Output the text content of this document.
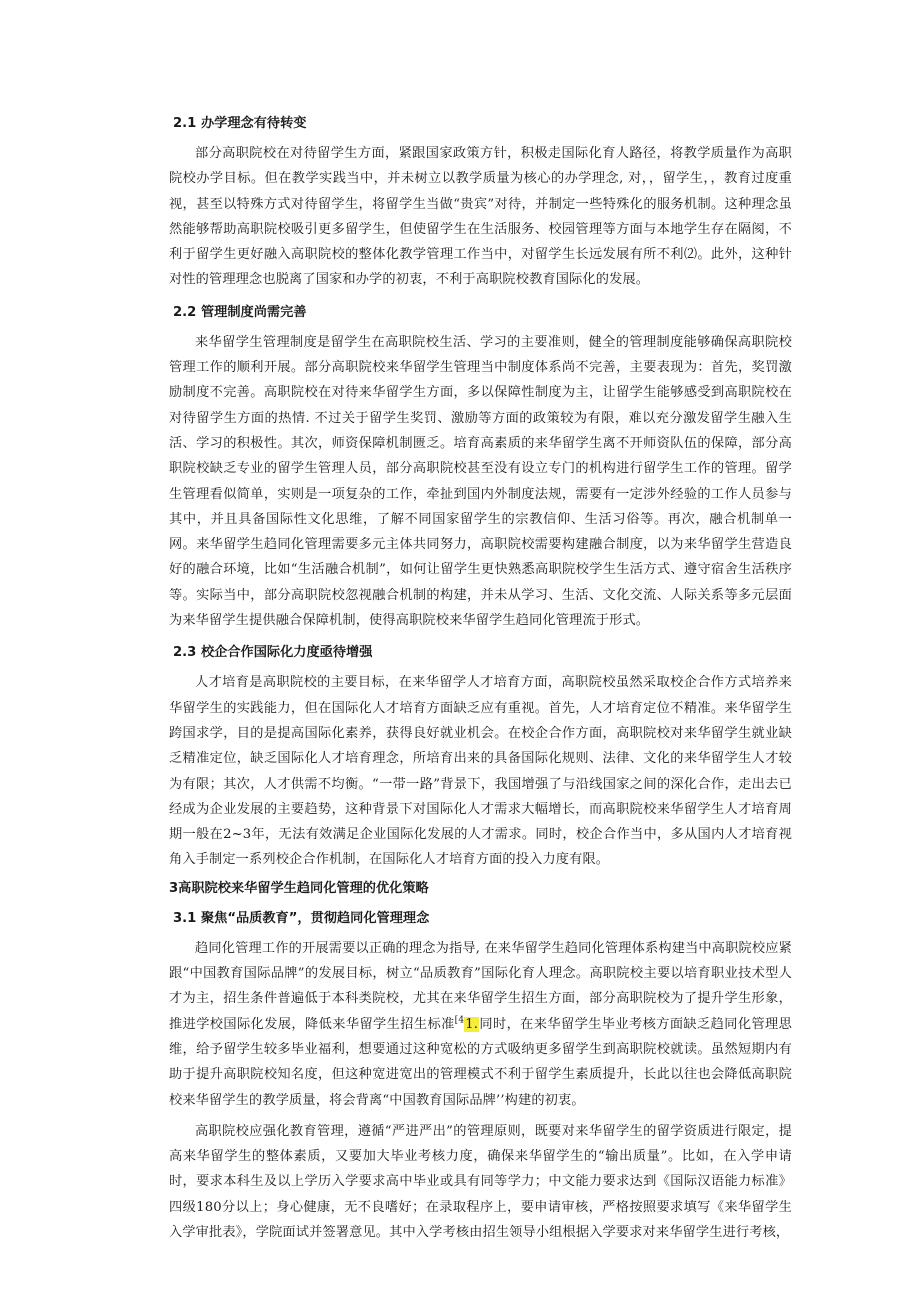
2.1 办学理念有待转变

部分高职院校在对待留学生方面，紧跟国家政策方针，积极走国际化育人路径，将教学质量作为高职院校办学目标。但在教学实践当中，并未树立以教学质量为核心的办学理念, 对，，留学生，，教育过度重视，甚至以特殊方式对待留学生，将留学生当做“贵宾”对待，并制定一些特殊化的服务机制。这种理念虽然能够帮助高职院校吸引更多留学生，但使留学生在生活服务、校园管理等方面与本地学生存在隔阂，不利于留学生更好融入高职院校的整体化教学管理工作当中，对留学生长远发展有所不利⑵。此外，这种针对性的管理理念也脱离了国家和办学的初衷，不利于高职院校教育国际化的发展。

2.2 管理制度尚需完善

来华留学生管理制度是留学生在高职院校生活、学习的主要准则，健全的管理制度能够确保高职院校管理工作的顺利开展。部分高职院校来华留学生管理当中制度体系尚不完善，主要表现为：首先，奖罚激励制度不完善。高职院校在对待来华留学生方面，多以保障性制度为主，让留学生能够感受到高职院校在对待留学生方面的热情. 不过关于留学生奖罚、激励等方面的政策较为有限，难以充分激发留学生融入生活、学习的积极性。其次，师资保障机制匮乏。培育高素质的来华留学生离不开师资队伍的保障，部分高职院校缺乏专业的留学生管理人员，部分高职院校甚至没有设立专门的机构进行留学生工作的管理。留学生管理看似简单，实则是一项复杂的工作，牵扯到国内外制度法规，需要有一定涉外经验的工作人员参与其中，并且具备国际性文化思维，了解不同国家留学生的宗教信仰、生活习俗等。再次，融合机制单一网。来华留学生趋同化管理需要多元主体共同努力，高职院校需要构建融合制度，以为来华留学生营造良好的融合环境，比如“生活融合机制”，如何让留学生更快熟悉高职院校学生生活方式、遵守宿舍生活秩序等。实际当中，部分高职院校忽视融合机制的构建，并未从学习、生活、文化交流、人际关系等多元层面为来华留学生提供融合保障机制，使得高职院校来华留学生趋同化管理流于形式。

2.3 校企合作国际化力度亟待增强

人才培育是高职院校的主要目标，在来华留学人才培育方面，高职院校虽然采取校企合作方式培养来华留学生的实践能力，但在国际化人才培育方面缺乏应有重视。首先，人才培育定位不精准。来华留学生跨国求学，目的是提高国际化素养，获得良好就业机会。在校企合作方面，高职院校对来华留学生就业缺乏精准定位，缺乏国际化人才培育理念，所培育出来的具备国际化规则、法律、文化的来华留学生人才较为有限；其次，人才供需不均衡。“一带一路”背景下，我国增强了与沿线国家之间的深化合作，走出去已经成为企业发展的主要趋势，这种背景下对国际化人才需求大幅增长，而高职院校来华留学生人才培育周期一般在2~3年，无法有效满足企业国际化发展的人才需求。同时，校企合作当中，多从国内人才培育视角入手制定一系列校企合作机制，在国际化人才培育方面的投入力度有限。

3高职院校来华留学生趋同化管理的优化策略
3.1 聚焦“品质教育”，贯彻趋同化管理理念

趋同化管理工作的开展需要以正确的理念为指导, 在来华留学生趋同化管理体系构建当中高职院校应紧跟“中国教育国际品牌”的发展目标，树立“品质教育”国际化育人理念。高职院校主要以培育职业技术型人才为主，招生条件普遍低于本科类院校，尤其在来华留学生招生方面，部分高职院校为了提升学生形象，推进学校国际化发展，降低来华留学生招生标准$^{[4}$1.同时，在来华留学生毕业考核方面缺乏趋同化管理思维，给予留学生较多毕业福利，想要通过这种宽松的方式吸纳更多留学生到高职院校就读。虽然短期内有助于提升高职院校知名度，但这种宽进宽出的管理模式不利于留学生素质提升，长此以往也会降低高职院校来华留学生的教学质量，将会背离“中国教育国际品牌’’构建的初衷。

高职院校应强化教育管理，遵循“严进严出”的管理原则，既要对来华留学生的留学资质进行限定，提高来华留学生的整体素质，又要加大毕业考核力度，确保来华留学生的“输出质量”。比如，在入学申请时，要求本科生及以上学历入学要求高中毕业或具有同等学力；中文能力要求达到《国际汉语能力标准》四级180分以上；身心健康，无不良嗜好；在录取程序上，要申请审核，严格按照要求填写《来华留学生入学审批表》，学院面试并签署意见。其中入学考核由招生领导小组根据入学要求对来华留学生进行考核，
